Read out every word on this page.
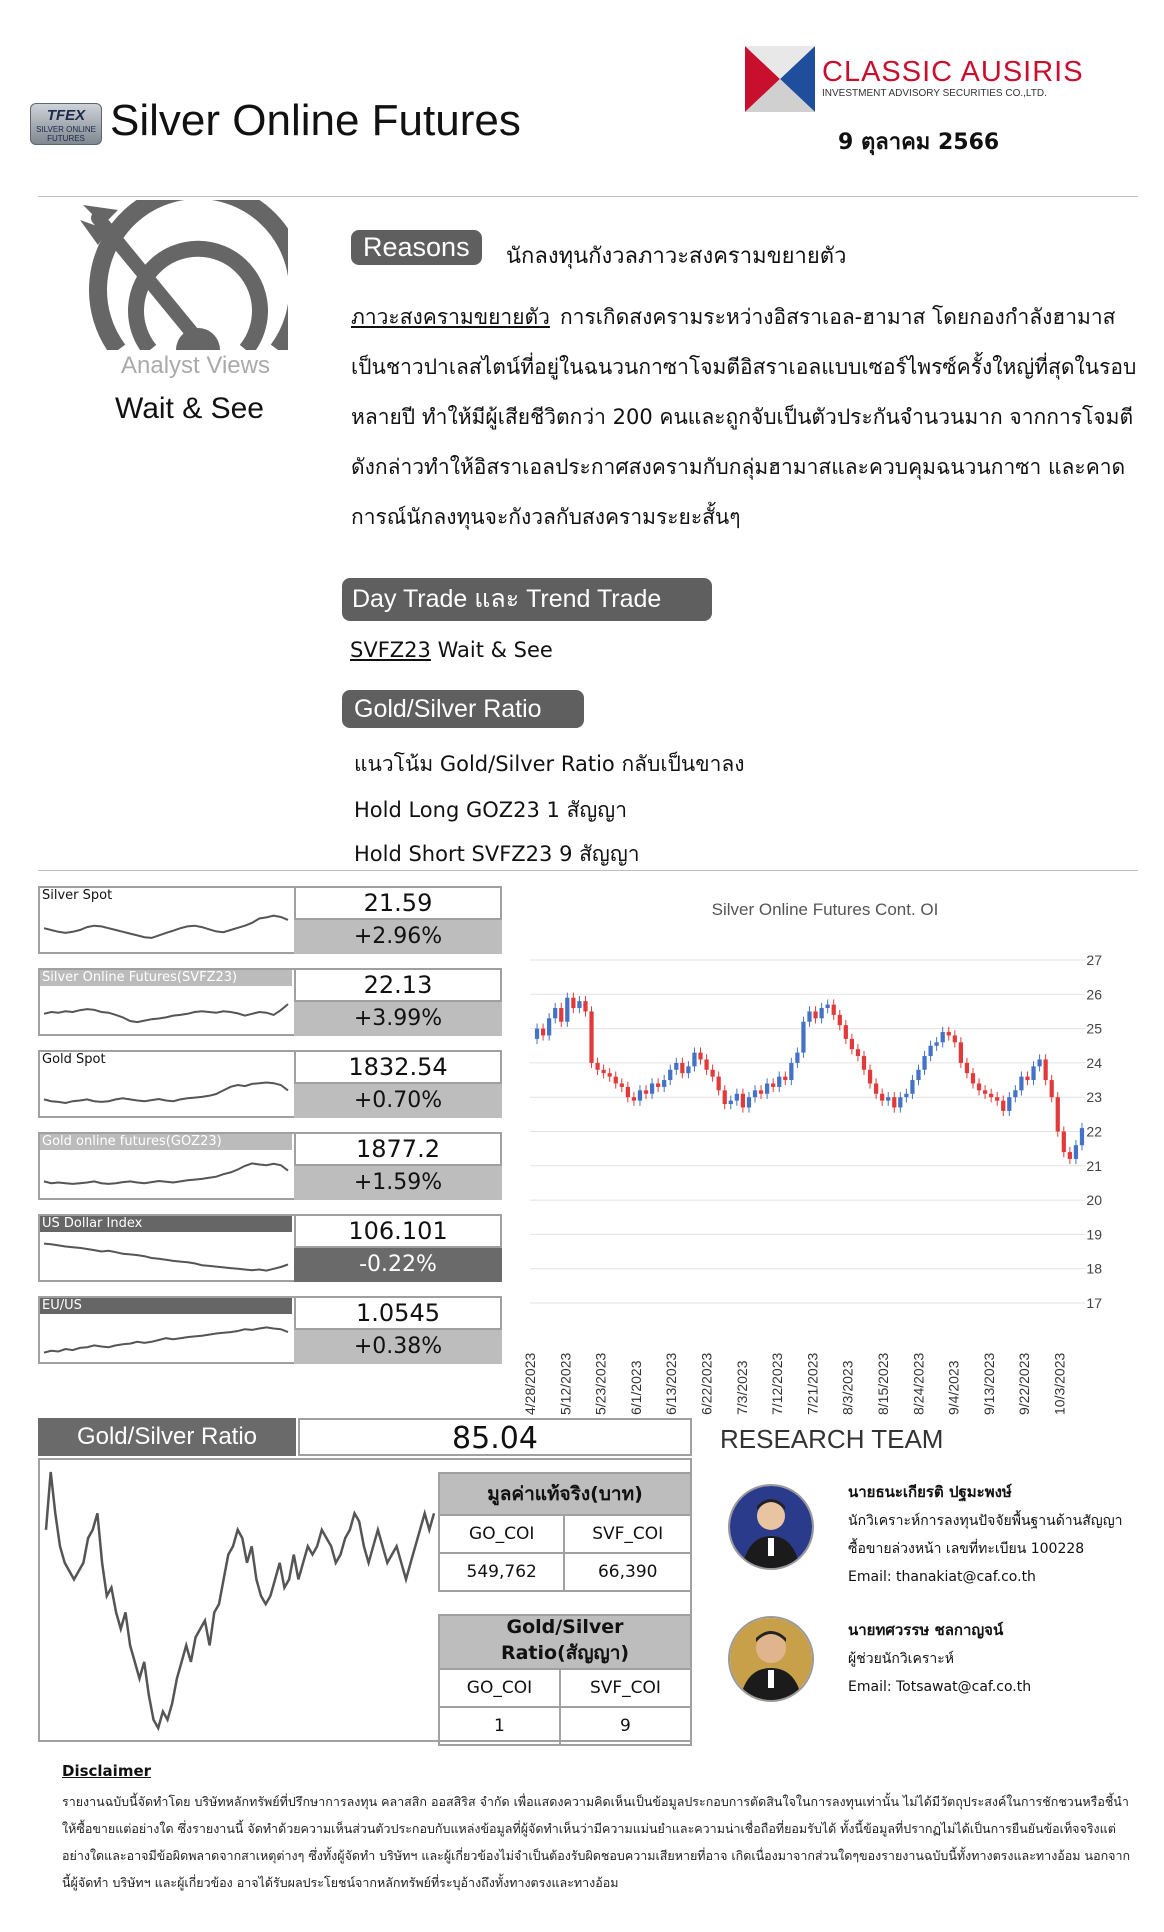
TFEX
SILVER ONLINE FUTURES Silver Online Futures
CLASSIC AUSIRIS
INVESTMENT ADVISORY SECURITIES CO.,LTD.
9 ตุลาคม 2566
Analyst Views
Wait & See
Reasons	นักลงทุนกังวลภาวะสงครามขยายตัว
ภาวะสงครามขยายตัว การเกิดสงครามระหว่างอิสราเอล-ฮามาส โดยกองกำลังฮามาส เป็นชาวปาเลสไตน์ที่อยู่ในฉนวนกาซาโจมตีอิสราเอลแบบเซอร์ไพรซ์ครั้งใหญ่ที่สุดในรอบหลายปี ทำให้มีผู้เสียชีวิตกว่า 200 คนและถูกจับเป็นตัวประกันจำนวนมาก จากการโจมตีดังกล่าวทำให้อิสราเอลประกาศสงครามกับกลุ่มฮามาสและควบคุมฉนวนกาซา และคาดการณ์นักลงทุนจะกังวลกับสงครามระยะสั้นๆ
Day Trade และ Trend Trade
SVFZ23 Wait & See
Gold/Silver Ratio
แนวโน้ม Gold/Silver Ratio กลับเป็นขาลง
Hold Long GOZ23 1 สัญญา
Hold Short SVFZ23 9 สัญญา
Silver Spot	21.59
+2.96%
Silver Online Futures(SVFZ23)	22.13
+3.99%
Gold Spot	1832.54
+0.70%
Gold online futures(GOZ23)	1877.2
+1.59%
US Dollar Index	106.101
-0.22%
EU/US	1.0545
+0.38%
Silver Online Futures Cont. OI
17
18
19
20
21
22
23
24
25
26
27
4/28/2023 5/12/2023 5/23/2023 6/1/2023 6/13/2023 6/22/2023 7/3/2023 7/12/2023 7/21/2023 8/3/2023 8/15/2023 8/24/2023 9/4/2023 9/13/2023 9/22/2023 10/3/2023
Gold/Silver Ratio	85.04
มูลค่าแท้จริง(บาท)	
GO_COI	SVF_COI
549,762	66,390
Gold/Silver Ratio(สัญญา)	
GO_COI	SVF_COI
1	9
RESEARCH TEAM
นายธนะเกียรติ ปฐมะพงษ์
นักวิเคราะห์การลงทุนปัจจัยพื้นฐานด้านสัญญา
ซื้อขายล่วงหน้า เลขที่ทะเบียน 100228
Email: thanakiat@caf.co.th
นายทศวรรษ ชลกาญจน์
ผู้ช่วยนักวิเคราะห์
Email: Totsawat@caf.co.th
Disclaimer
รายงานฉบับนี้จัดทำโดย บริษัทหลักทรัพย์ที่ปรึกษาการลงทุน คลาสสิก ออสสิริส จำกัด เพื่อแสดงความคิดเห็นเป็นข้อมูลประกอบการตัดสินใจในการลงทุนเท่านั้น ไม่ได้มีวัตถุประสงค์ในการชักชวนหรือชี้นำให้ซื้อขายแต่อย่างใด ซึ่งรายงานนี้ จัดทำด้วยความเห็นส่วนตัวประกอบกับแหล่งข้อมูลที่ผู้จัดทำเห็นว่ามีความแม่นยำและความน่าเชื่อถือที่ยอมรับได้ ทั้งนี้ข้อมูลที่ปรากฏไม่ได้เป็นการยืนยันข้อเท็จจริงแต่อย่างใดและอาจมีข้อผิดพลาดจากสาเหตุต่างๆ ซึ่งทั้งผู้จัดทำ บริษัทฯ และผู้เกี่ยวข้องไม่จำเป็นต้องรับผิดชอบความเสียหายที่อาจ เกิดเนื่องมาจากส่วนใดๆของรายงานฉบับนี้ทั้งทางตรงและทางอ้อม นอกจากนี้ผู้จัดทำ บริษัทฯ และผู้เกี่ยวข้อง อาจได้รับผลประโยชน์จากหลักทรัพย์ที่ระบุอ้างถึงทั้งทางตรงและทางอ้อม
